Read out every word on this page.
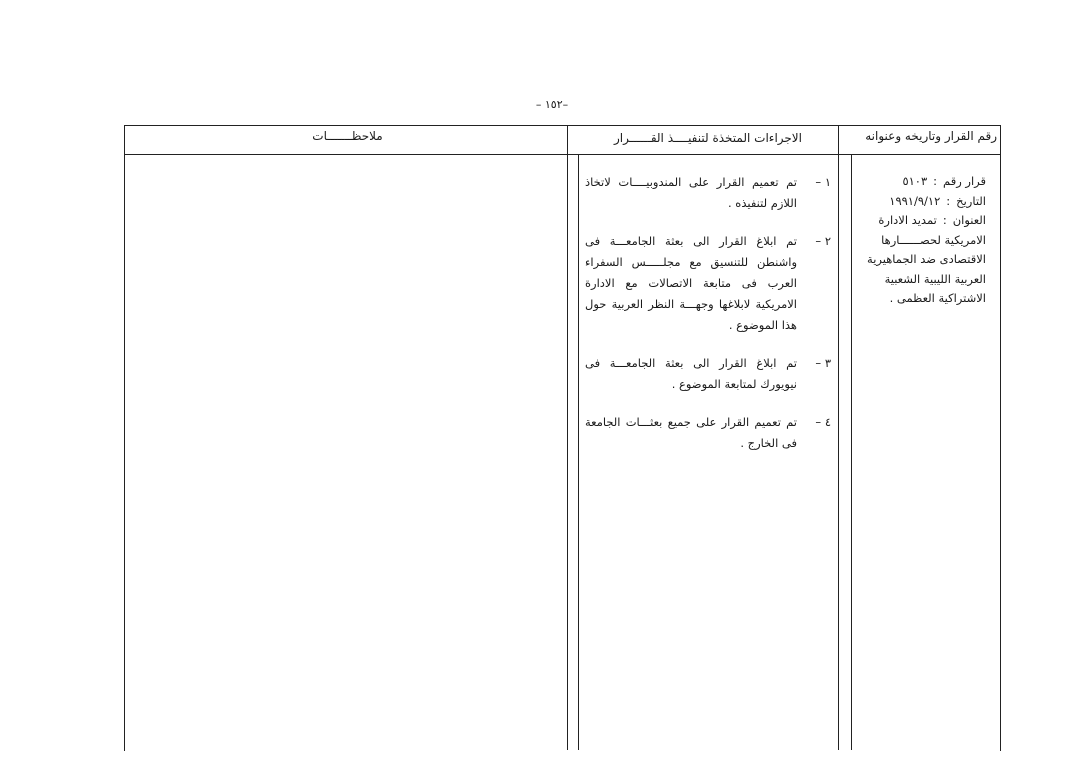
–١٥٢ –
رقم القرار وتاريخه وعنوانه
الاجراءات المتخذة لتنفيــــذ القــــــرار
ملاحظـــــــات
قرار رقم:٥١٠٣
التاريخ:١٩٩١/٩/١٢
العنوان:تمديد الادارة الامريكية لحصــــــارها الاقتصادى ضد الجماهيرية العربية الليبية الشعبية الاشتراكية العظمى .
١ –
تم تعميم القرار على المندوبيــــات لاتخاذ اللازم لتنفيذه .
٢ –
تم ابلاغ القرار الى بعثة الجامعـــة فى واشنطن للتنسيق مع مجلـــــس السفراء العرب فى متابعة الاتصالات مع الادارة الامريكية لابلاغها وجهـــة النظر العربية حول هذا الموضوع .
٣ –
تم ابلاغ القرار الى بعثة الجامعـــة فى نيويورك لمتابعة الموضوع .
٤ –
تم تعميم القرار على جميع بعثـــات الجامعة فى الخارج .
